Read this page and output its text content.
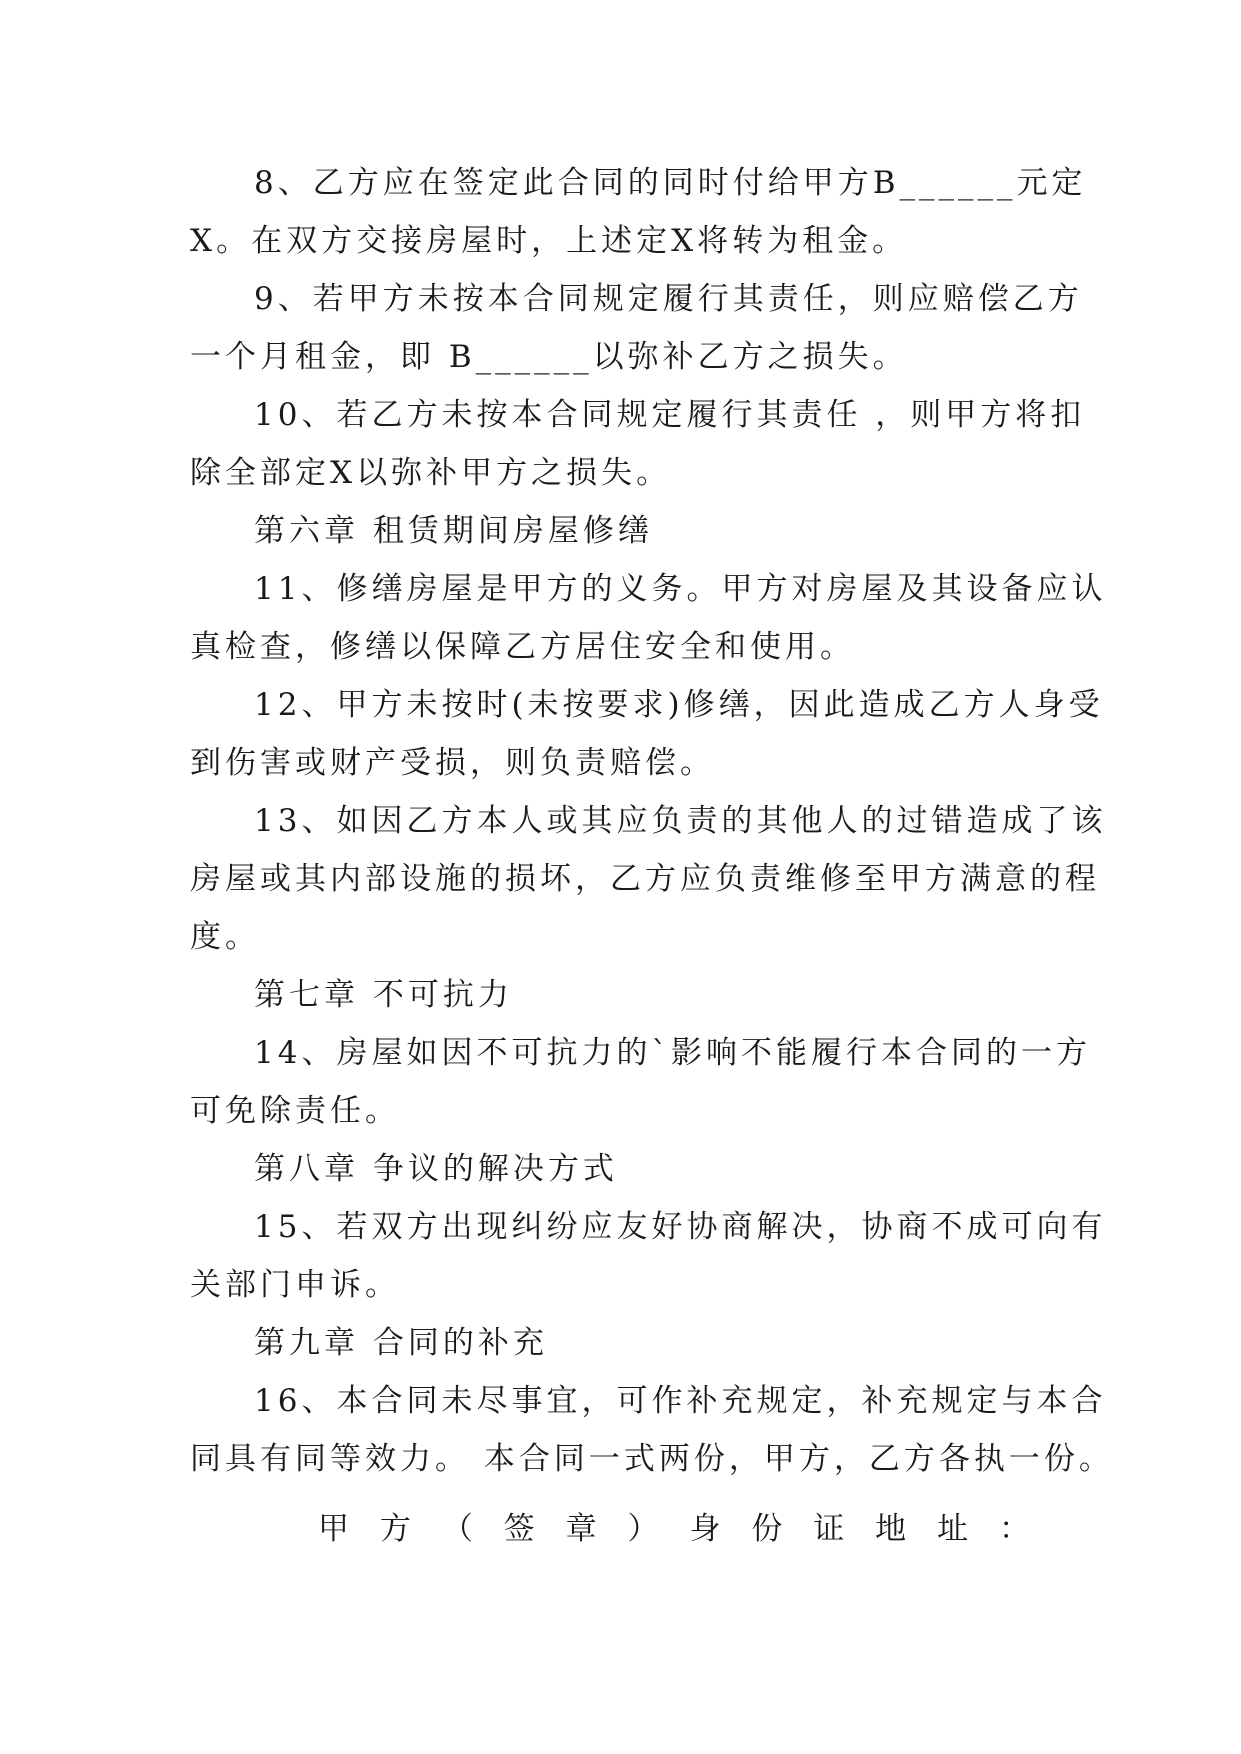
8、乙方应在签定此合同的同时付给甲方B______元定
X。在双方交接房屋时，上述定X将转为租金。
9、若甲方未按本合同规定履行其责任，则应赔偿乙方
一个月租金，即 B______以弥补乙方之损失。
10、若乙方未按本合同规定履行其责任 ，则甲方将扣
除全部定X以弥补甲方之损失。
第六章 租赁期间房屋修缮
11、修缮房屋是甲方的义务。甲方对房屋及其设备应认
真检查，修缮以保障乙方居住安全和使用。
12、甲方未按时(未按要求)修缮，因此造成乙方人身受
到伤害或财产受损，则负责赔偿。
13、如因乙方本人或其应负责的其他人的过错造成了该
房屋或其内部设施的损坏，乙方应负责维修至甲方满意的程
度。
第七章 不可抗力
14、房屋如因不可抗力的`影响不能履行本合同的一方
可免除责任。
第八章 争议的解决方式
15、若双方出现纠纷应友好协商解决，协商不成可向有
关部门申诉。
第九章 合同的补充
16、本合同未尽事宜，可作补充规定，补充规定与本合
同具有同等效力。 本合同一式两份，甲方，乙方各执一份。
甲 方 （ 签 章 ） 身 份 证 地 址 ：
